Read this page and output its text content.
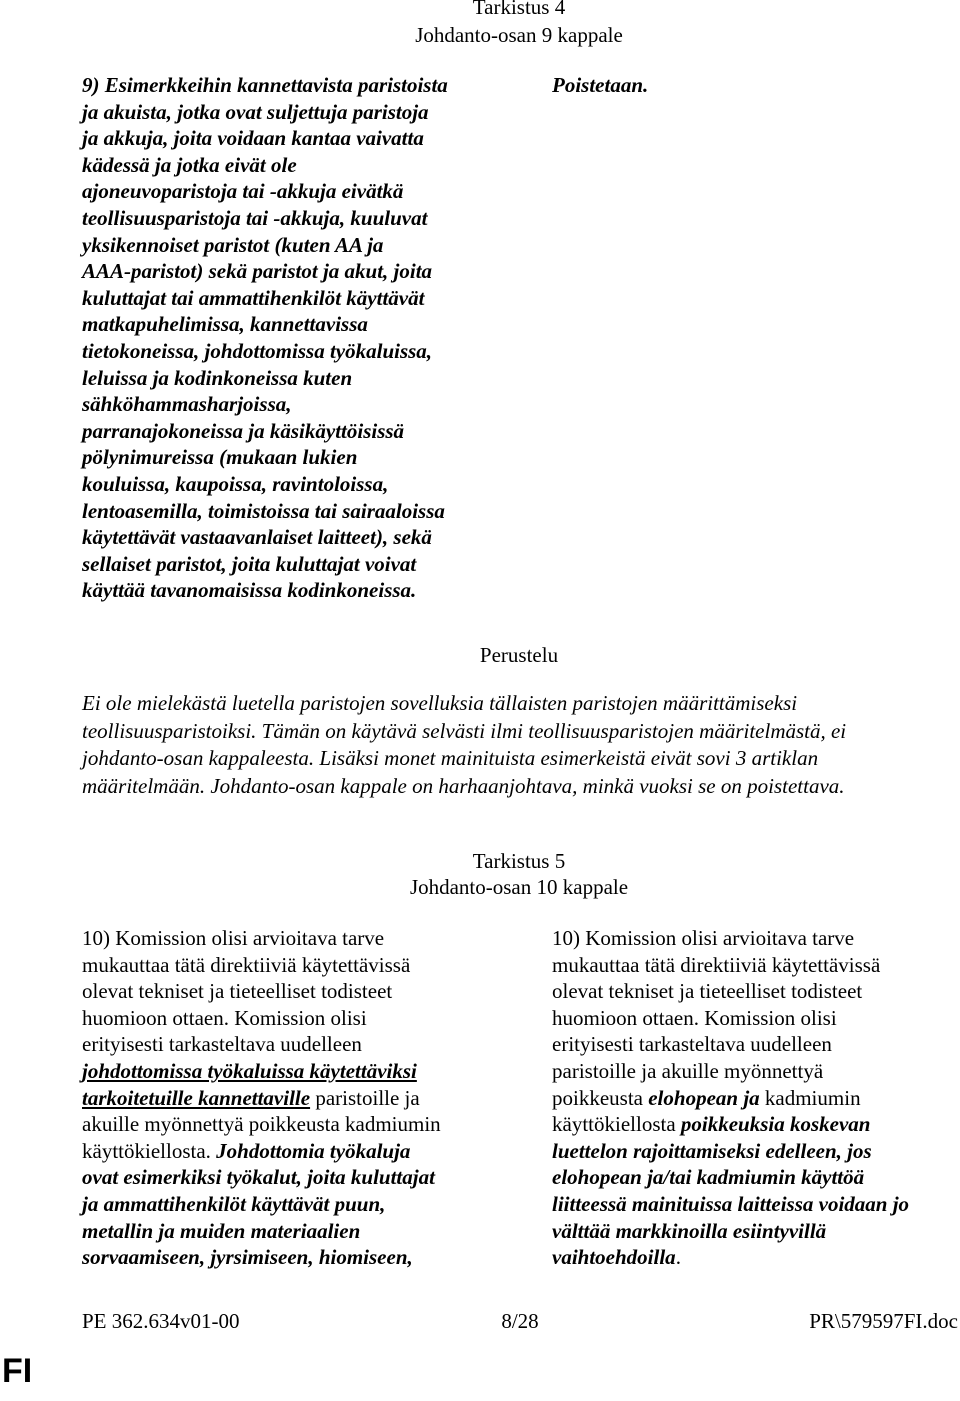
Tarkistus 4
Johdanto-osan 9 kappale
9) Esimerkkeihin kannettavista paristoista
ja akuista, jotka ovat suljettuja paristoja
ja akkuja, joita voidaan kantaa vaivatta
kädessä ja jotka eivät ole
ajoneuvoparistoja tai -akkuja eivätkä
teollisuusparistoja tai -akkuja, kuuluvat
yksikennoiset paristot (kuten AA ja
AAA-paristot) sekä paristot ja akut, joita
kuluttajat tai ammattihenkilöt käyttävät
matkapuhelimissa, kannettavissa
tietokoneissa, johdottomissa työkaluissa,
leluissa ja kodinkoneissa kuten
sähköhammasharjoissa,
parranajokoneissa ja käsikäyttöisissä
pölynimureissa (mukaan lukien
kouluissa, kaupoissa, ravintoloissa,
lentoasemilla, toimistoissa tai sairaaloissa
käytettävät vastaavanlaiset laitteet), sekä
sellaiset paristot, joita kuluttajat voivat
käyttää tavanomaisissa kodinkoneissa.
Poistetaan.
Perustelu
Ei ole mielekästä luetella paristojen sovelluksia tällaisten paristojen määrittämiseksi
teollisuusparistoiksi. Tämän on käytävä selvästi ilmi teollisuusparistojen määritelmästä, ei
johdanto-osan kappaleesta. Lisäksi monet mainituista esimerkeistä eivät sovi 3 artiklan
määritelmään. Johdanto-osan kappale on harhaanjohtava, minkä vuoksi se on poistettava.
Tarkistus 5
Johdanto-osan 10 kappale
10) Komission olisi arvioitava tarve
mukauttaa tätä direktiiviä käytettävissä
olevat tekniset ja tieteelliset todisteet
huomioon ottaen. Komission olisi
erityisesti tarkasteltava uudelleen
johdottomissa työkaluissa käytettäviksi
tarkoitetuille kannettaville paristoille ja
akuille myönnettyä poikkeusta kadmiumin
käyttökiellosta. Johdottomia työkaluja
ovat esimerkiksi työkalut, joita kuluttajat
ja ammattihenkilöt käyttävät puun,
metallin ja muiden materiaalien
sorvaamiseen, jyrsimiseen, hiomiseen,
10) Komission olisi arvioitava tarve
mukauttaa tätä direktiiviä käytettävissä
olevat tekniset ja tieteelliset todisteet
huomioon ottaen. Komission olisi
erityisesti tarkasteltava uudelleen
paristoille ja akuille myönnettyä
poikkeusta elohopean ja kadmiumin
käyttökiellosta poikkeuksia koskevan
luettelon rajoittamiseksi edelleen, jos
elohopean ja/tai kadmiumin käyttöä
liitteessä mainituissa laitteissa voidaan jo
välttää markkinoilla esiintyvillä
vaihtoehdoilla.
PE 362.634v01-00	8/28	PR\579597FI.doc
FI
